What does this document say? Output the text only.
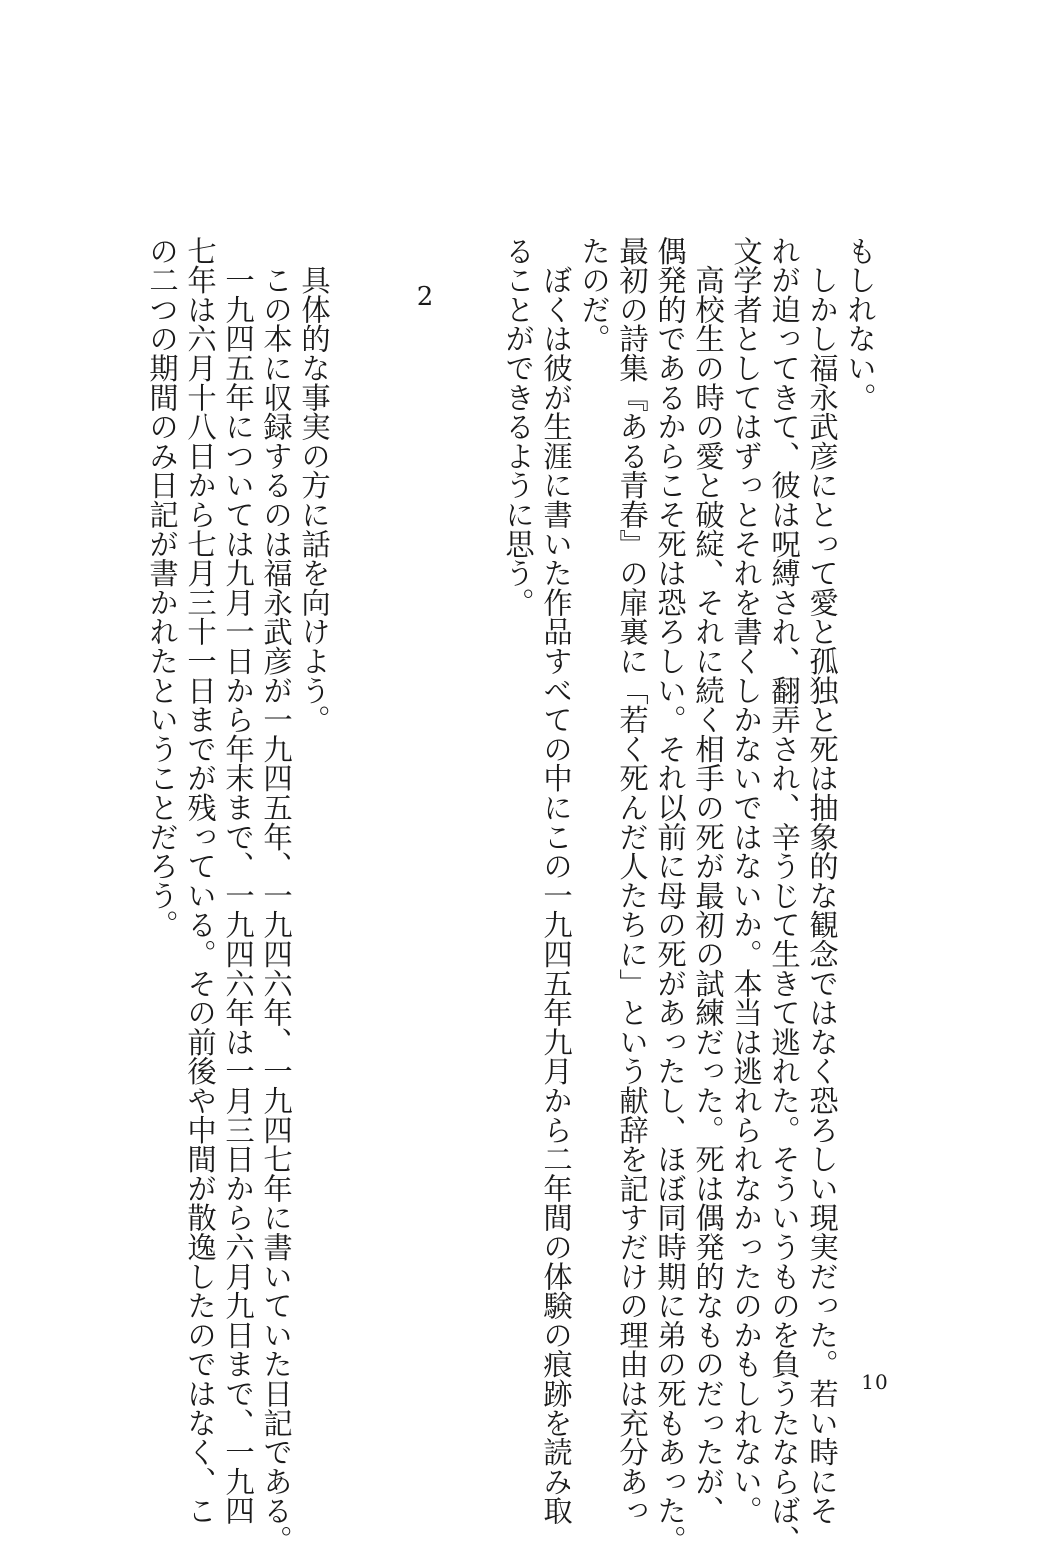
もしれない。

　しかし福永武彦にとって愛と孤独と死は抽象的な観念ではなく恐ろしい現実だった。若い時にそ

れが迫ってきて、彼は呪縛され、翻弄され、辛うじて生きて逃れた。そういうものを負うたならば、

文学者としてはずっとそれを書くしかないではないか。本当は逃れられなかったのかもしれない。

　高校生の時の愛と破綻、それに続く相手の死が最初の試練だった。死は偶発的なものだったが、

偶発的であるからこそ死は恐ろしい。それ以前に母の死があったし、ほぼ同時期に弟の死もあった。

最初の詩集『ある青春』の扉裏に「若く死んだ人たちに」という献辞を記すだけの理由は充分あっ

たのだ。

　ぼくは彼が生涯に書いた作品すべての中にこの一九四五年九月から二年間の体験の痕跡を読み取

ることができるように思う。

2

　具体的な事実の方に話を向けよう。

　この本に収録するのは福永武彦が一九四五年、一九四六年、一九四七年に書いていた日記である。

　一九四五年については九月一日から年末まで、一九四六年は一月三日から六月九日まで、一九四

七年は六月十八日から七月三十一日までが残っている。その前後や中間が散逸したのではなく、こ

の二つの期間のみ日記が書かれたということだろう。

10
